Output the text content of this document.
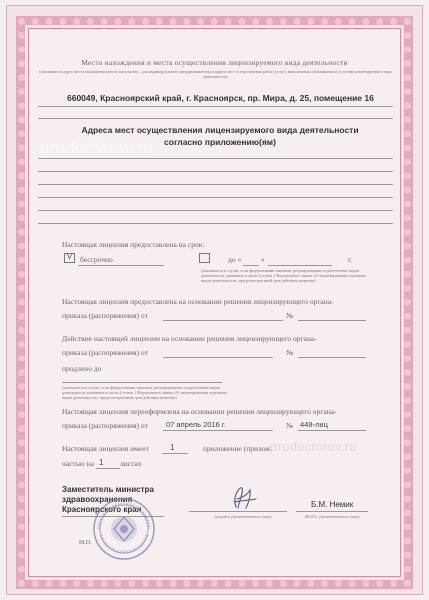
Место нахождения и места осуществления лицензируемого вида деятельности
(указываются адрес места нахождения (место жительства – для индивидуального предпринимателя) и адреса мест осуществления работ (услуг), выполняемых (оказываемых) в составе лицензируемого вида деятельности)
660049, Красноярский край, г. Красноярск, пр. Мира, д. 25, помещение 16
Адреса мест осуществления лицензируемого вида деятельности согласно приложению(ям)
prodoctorov.ru
Настоящая лицензия предоставлена на срок:
V	бессрочно	до «	»	г.
(указывается в случае, если федеральными законами, регулирующими осуществление видов деятельности, указанных в части 4 статьи 1 Федерального закона «О лицензировании отдельных видов деятельности», предусмотрен иной срок действия лицензии)
Настоящая лицензия предоставлена на основании решения лицензирующего органа-
приказа (распоряжения) от	№
Действие настоящей лицензии на основании решения лицензирующего органа-
приказа (распоряжения) от	№
продлено до
(указывается в случае, если федеральными законами, регулирующими осуществление видов деятельности, указанных в части 4 статьи 1 Федерального закона «О лицензировании отдельных видов деятельности», предусмотрен иной срок действия лицензии)
Настоящая лицензия переоформлена на основании решения лицензирующего органа-
приказа (распоряжения) от 07 апрель 2016 г.	№ 448-лиц
Настоящая лицензия имеет	1	приложение (прилож prodoctorov.ru
частью на 1 листах
Заместитель министра
здравоохранения
Красноярского края
М.П.
(подпись уполномоченного лица)
Б.М. Немик
(Ф.И.О. уполномоченного лица)
